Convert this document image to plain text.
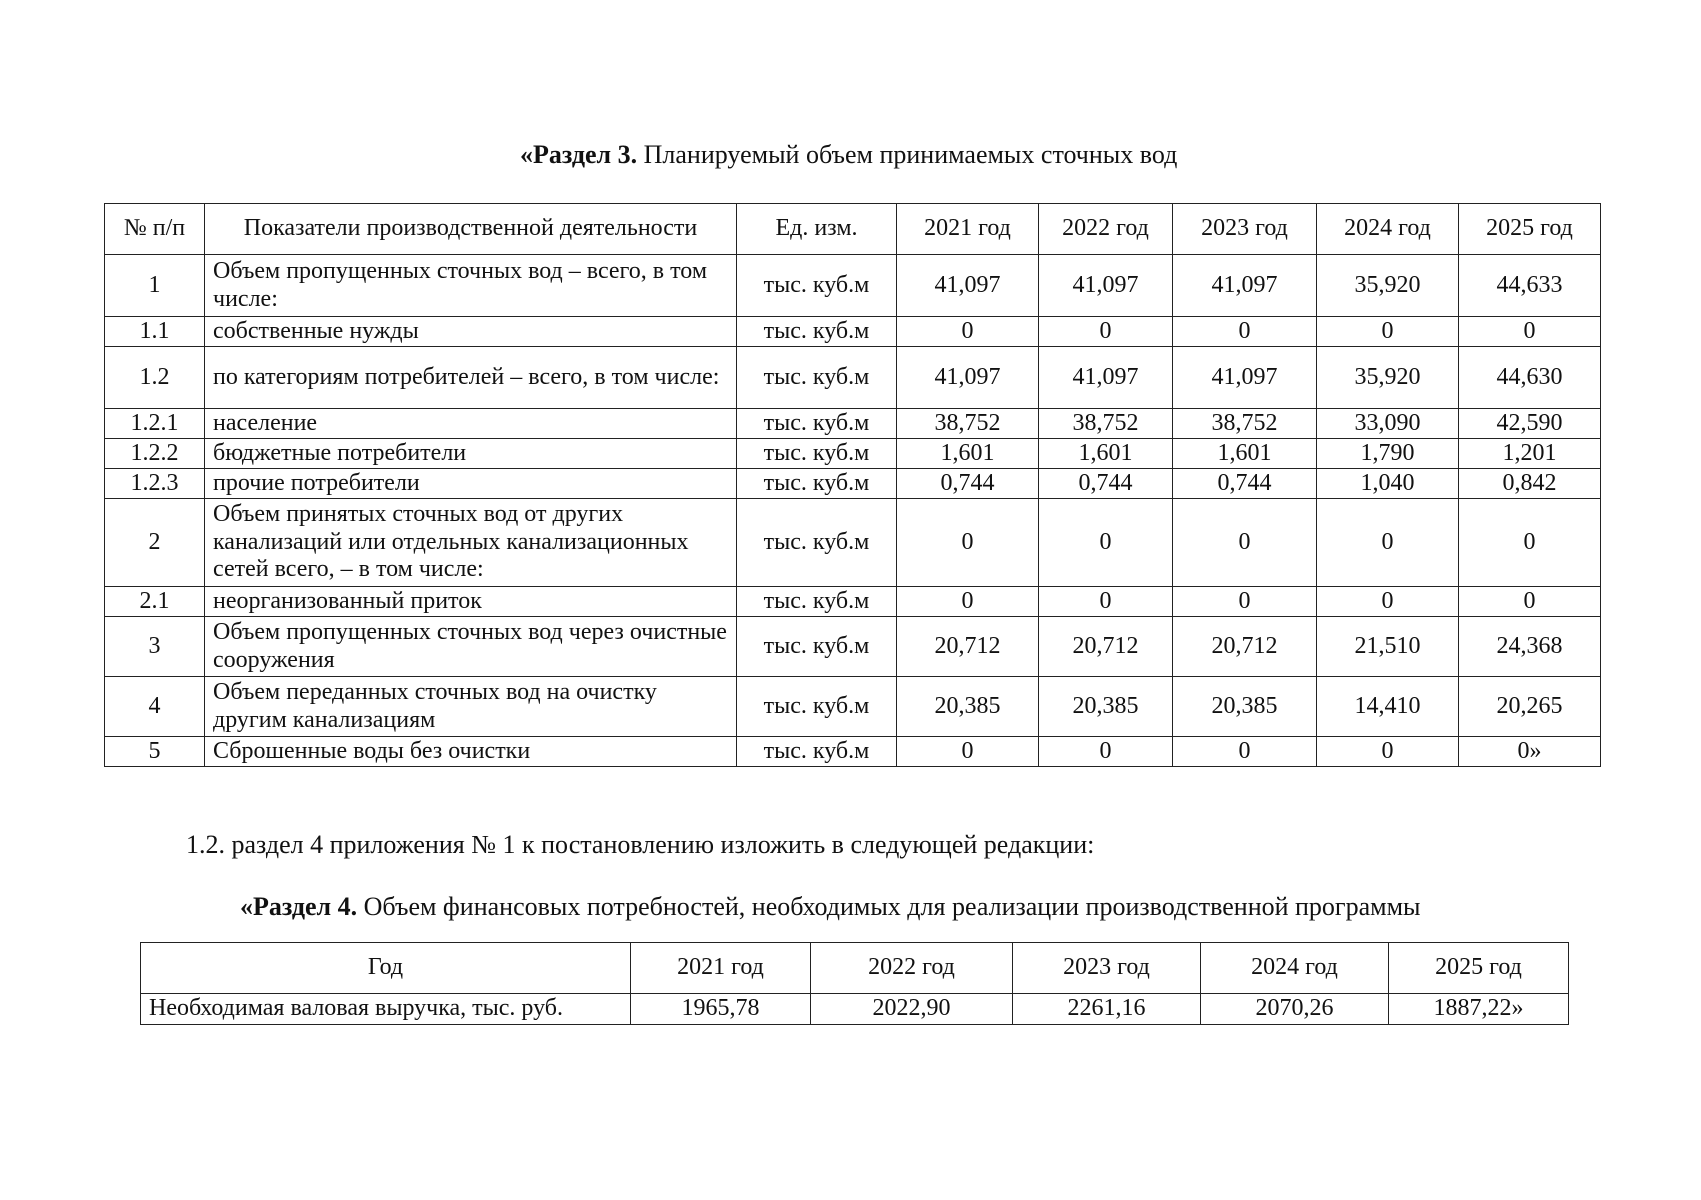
«Раздел 3. Планируемый объем принимаемых сточных вод
№ п/п	Показатели производственной деятельности	Ед. изм.	2021 год	2022 год	2023 год	2024 год	2025 год
1	Объем пропущенных сточных вод – всего, в том числе:	тыс. куб.м	41,097	41,097	41,097	35,920	44,633
1.1	собственные нужды	тыс. куб.м	0	0	0	0	0
1.2	по категориям потребителей – всего, в том числе:	тыс. куб.м	41,097	41,097	41,097	35,920	44,630
1.2.1	население	тыс. куб.м	38,752	38,752	38,752	33,090	42,590
1.2.2	бюджетные потребители	тыс. куб.м	1,601	1,601	1,601	1,790	1,201
1.2.3	прочие потребители	тыс. куб.м	0,744	0,744	0,744	1,040	0,842
2	Объем принятых сточных вод от других канализаций или отдельных канализационных сетей всего, – в том числе:	тыс. куб.м	0	0	0	0	0
2.1	неорганизованный приток	тыс. куб.м	0	0	0	0	0
3	Объем пропущенных сточных вод через очистные сооружения	тыс. куб.м	20,712	20,712	20,712	21,510	24,368
4	Объем переданных сточных вод на очистку другим канализациям	тыс. куб.м	20,385	20,385	20,385	14,410	20,265
5	Сброшенные воды без очистки	тыс. куб.м	0	0	0	0	0»
1.2. раздел 4 приложения № 1 к постановлению изложить в следующей редакции:
«Раздел 4. Объем финансовых потребностей, необходимых для реализации производственной программы
Год	2021 год	2022 год	2023 год	2024 год	2025 год
Необходимая валовая выручка, тыс. руб.	1965,78	2022,90	2261,16	2070,26	1887,22»
